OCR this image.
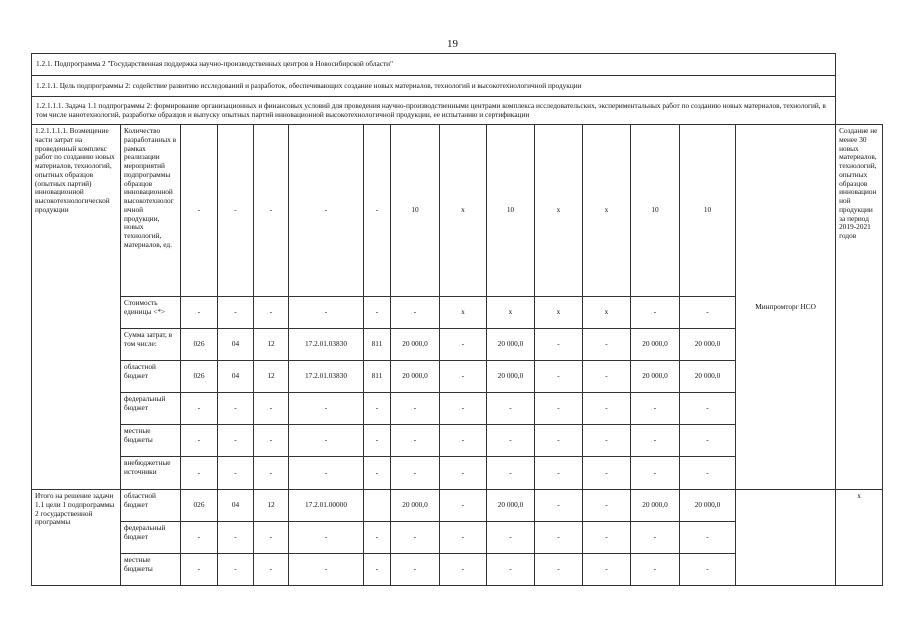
19
1.2.1. Подпрограмма 2 "Государственная поддержка научно-производственных центров в Новосибирской области"															
1.2.1.1. Цель подпрограммы 2: содействие развитию исследований и разработок, обеспечивающих создание новых материалов, технологий и высокотехнологичной продукции															
1.2.1.1.1. Задача 1.1 подпрограммы 2: формирование организационных и финансовых условий для проведения научно-производственными центрами комплекса исследовательских, экспериментальных работ по созданию новых материалов, технологий, в том числе нанотехнологий, разработке образцов и выпуску опытных партий инновационной высокотехнологичной продукции, ее испытанию и сертификации															
1.2.1.1.1.1. Возмещение части затрат на проведенный комплекс работ по созданию новых материалов, технологий, опытных образцов (опытных партий) инновационной высокотехнологической продукции	Количество разработанных в рамках реализации мероприятий подпрограммы образцов инновационной высокотехнологичной продукции, новых технологий, материалов, ед.	-	-	-	-	-	10	x	10	x	x	10	10	Минпромторг НСО	Создание не менее 30 новых материалов, технологий, опытных образцов инновационной продукции за период 2019-2021 годов
	Стоимость единицы <*>	-	-	-	-	-	-	x	x	x	x	-	-		
	Сумма затрат, в том числе:	026	04	12	17.2.01.03830	811	20 000,0	-	20 000,0	-	-	20 000,0	20 000,0		
	областной бюджет	026	04	12	17.2.01.03830	811	20 000,0	-	20 000,0	-	-	20 000,0	20 000,0		
	федеральный бюджет	-	-	-	-	-	-	-	-	-	-	-	-		
	местные бюджеты	-	-	-	-	-	-	-	-	-	-	-	-		
	внебюджетные источники	-	-	-	-	-	-	-	-	-	-	-	-		
Итого на решение задачи 1.1 цели 1 подпрограммы 2 государственной программы	областной бюджет	026	04	12	17.2.01.00000		20 000,0	-	20 000,0	-	-	20 000,0	20 000,0		x
	федеральный бюджет	-	-	-	-	-	-	-	-	-	-	-	-		
	местные бюджеты	-	-	-	-	-	-	-	-	-	-	-	-		
